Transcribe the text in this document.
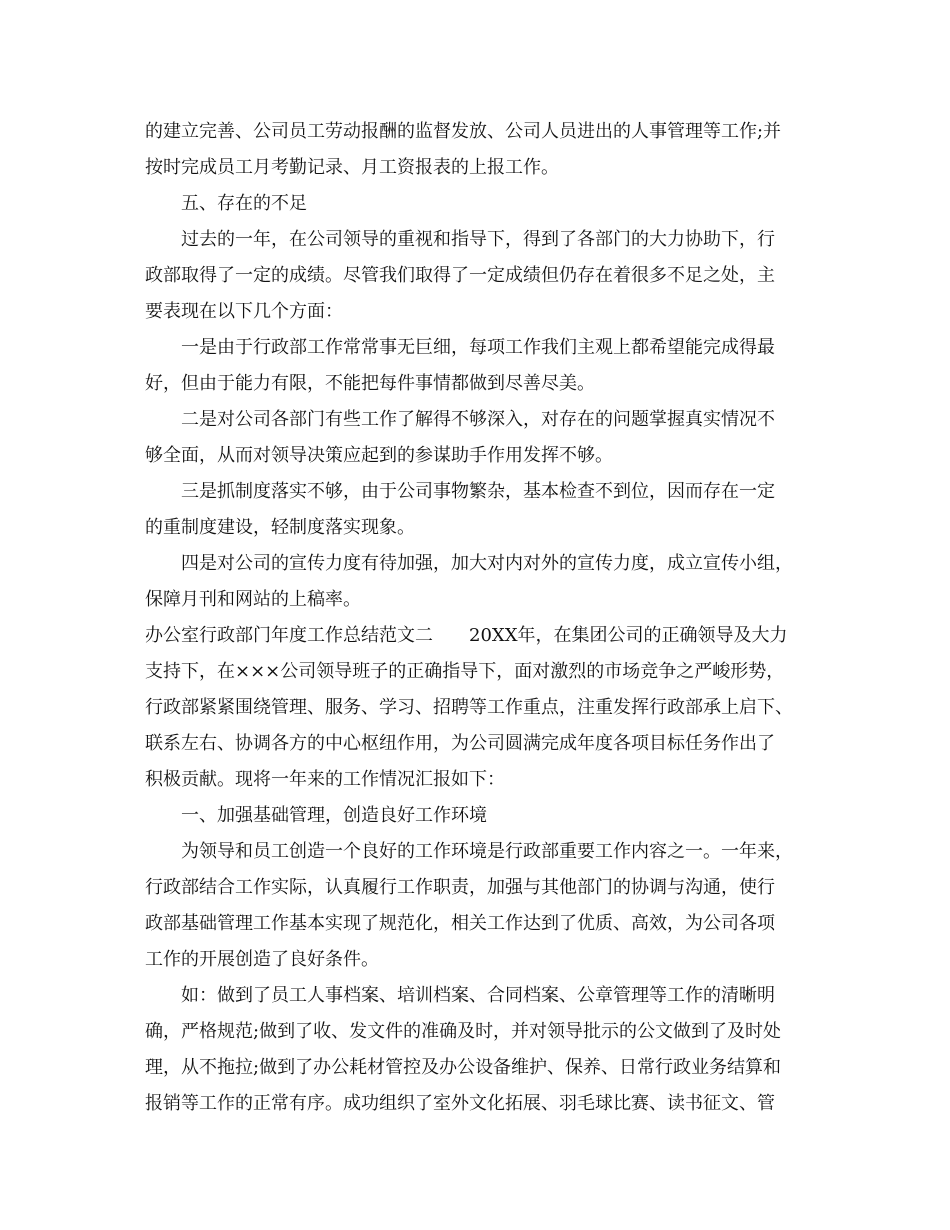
的建立完善、公司员工劳动报酬的监督发放、公司人员进出的人事管理等工作;并
按时完成员工月考勤记录、月工资报表的上报工作。
五、存在的不足
过去的一年，在公司领导的重视和指导下，得到了各部门的大力协助下，行
政部取得了一定的成绩。尽管我们取得了一定成绩但仍存在着很多不足之处，主
要表现在以下几个方面：
一是由于行政部工作常常事无巨细，每项工作我们主观上都希望能完成得最
好，但由于能力有限，不能把每件事情都做到尽善尽美。
二是对公司各部门有些工作了解得不够深入，对存在的问题掌握真实情况不
够全面，从而对领导决策应起到的参谋助手作用发挥不够。
三是抓制度落实不够，由于公司事物繁杂，基本检查不到位，因而存在一定
的重制度建设，轻制度落实现象。
四是对公司的宣传力度有待加强，加大对内对外的宣传力度，成立宣传小组，
保障月刊和网站的上稿率。
办公室行政部门年度工作总结范文二　　20XX年，在集团公司的正确领导及大力
支持下，在×××公司领导班子的正确指导下，面对激烈的市场竞争之严峻形势，
行政部紧紧围绕管理、服务、学习、招聘等工作重点，注重发挥行政部承上启下、
联系左右、协调各方的中心枢纽作用，为公司圆满完成年度各项目标任务作出了
积极贡献。现将一年来的工作情况汇报如下：
一、加强基础管理，创造良好工作环境
为领导和员工创造一个良好的工作环境是行政部重要工作内容之一。一年来，
行政部结合工作实际，认真履行工作职责，加强与其他部门的协调与沟通，使行
政部基础管理工作基本实现了规范化，相关工作达到了优质、高效，为公司各项
工作的开展创造了良好条件。
如：做到了员工人事档案、培训档案、合同档案、公章管理等工作的清晰明
确，严格规范;做到了收、发文件的准确及时，并对领导批示的公文做到了及时处
理，从不拖拉;做到了办公耗材管控及办公设备维护、保养、日常行政业务结算和
报销等工作的正常有序。成功组织了室外文化拓展、羽毛球比赛、读书征文、管
